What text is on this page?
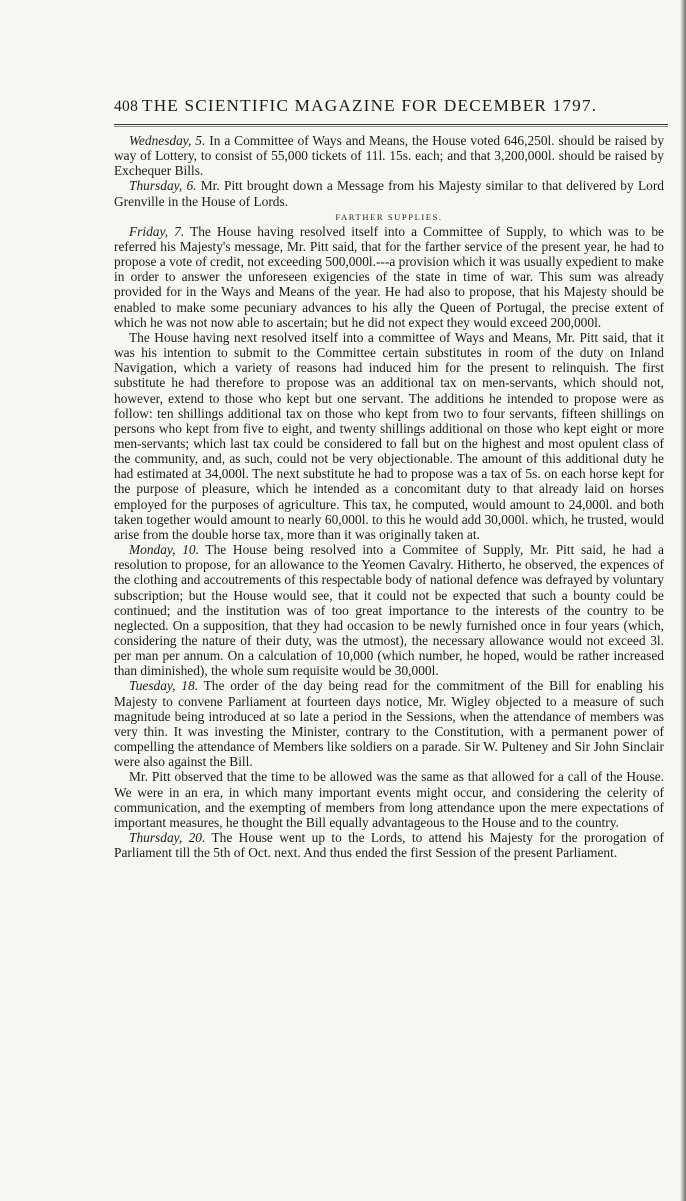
408 THE SCIENTIFIC MAGAZINE FOR DECEMBER 1797.

Wednesday, 5. In a Committee of Ways and Means, the House voted 646,250l. should be raised by way of Lottery, to consist of 55,000 tickets of 11l. 15s. each; and that 3,200,000l. should be raised by Exchequer Bills.

Thursday, 6. Mr. Pitt brought down a Message from his Majesty similar to that delivered by Lord Grenville in the House of Lords.

FARTHER SUPPLIES.

Friday, 7. The House having resolved itself into a Committee of Supply, to which was to be referred his Majesty's message, Mr. Pitt said, that for the farther service of the present year, he had to propose a vote of credit, not exceeding 500,000l.---a provision which it was usually expedient to make in order to answer the unforeseen exigencies of the state in time of war. This sum was already provided for in the Ways and Means of the year. He had also to propose, that his Majesty should be enabled to make some pecuniary advances to his ally the Queen of Portugal, the precise extent of which he was not now able to ascertain; but he did not expect they would exceed 200,000l.

The House having next resolved itself into a committee of Ways and Means, Mr. Pitt said, that it was his intention to submit to the Committee certain substitutes in room of the duty on Inland Navigation, which a variety of reasons had induced him for the present to relinquish. The first substitute he had therefore to propose was an additional tax on men-servants, which should not, however, extend to those who kept but one servant. The additions he intended to propose were as follow: ten shillings additional tax on those who kept from two to four servants, fifteen shillings on persons who kept from five to eight, and twenty shillings additional on those who kept eight or more men-servants; which last tax could be considered to fall but on the highest and most opulent class of the community, and, as such, could not be very objectionable. The amount of this additional duty he had estimated at 34,000l. The next substitute he had to propose was a tax of 5s. on each horse kept for the purpose of pleasure, which he intended as a concomitant duty to that already laid on horses employed for the purposes of agriculture. This tax, he computed, would amount to 24,000l. and both taken together would amount to nearly 60,000l. to this he would add 30,000l. which, he trusted, would arise from the double horse tax, more than it was originally taken at.

Monday, 10. The House being resolved into a Commitee of Supply, Mr. Pitt said, he had a resolution to propose, for an allowance to the Yeomen Cavalry. Hitherto, he observed, the expences of the clothing and accoutrements of this respectable body of national defence was defrayed by voluntary subscription; but the House would see, that it could not be expected that such a bounty could be continued; and the institution was of too great importance to the interests of the country to be neglected. On a supposition, that they had occasion to be newly furnished once in four years (which, considering the nature of their duty, was the utmost), the necessary allowance would not exceed 3l. per man per annum. On a calculation of 10,000 (which number, he hoped, would be rather increased than diminished), the whole sum requisite would be 30,000l.

Tuesday, 18. The order of the day being read for the commitment of the Bill for enabling his Majesty to convene Parliament at fourteen days notice, Mr. Wigley objected to a measure of such magnitude being introduced at so late a period in the Sessions, when the attendance of members was very thin. It was investing the Minister, contrary to the Constitution, with a permanent power of compelling the attendance of Members like soldiers on a parade. Sir W. Pulteney and Sir John Sinclair were also against the Bill.

Mr. Pitt observed that the time to be allowed was the same as that allowed for a call of the House. We were in an era, in which many important events might occur, and considering the celerity of communication, and the exempting of members from long attendance upon the mere expectations of important measures, he thought the Bill equally advantageous to the House and to the country.

Thursday, 20. The House went up to the Lords, to attend his Majesty for the prorogation of Parliament till the 5th of Oct. next. And thus ended the first Session of the present Parliament.
